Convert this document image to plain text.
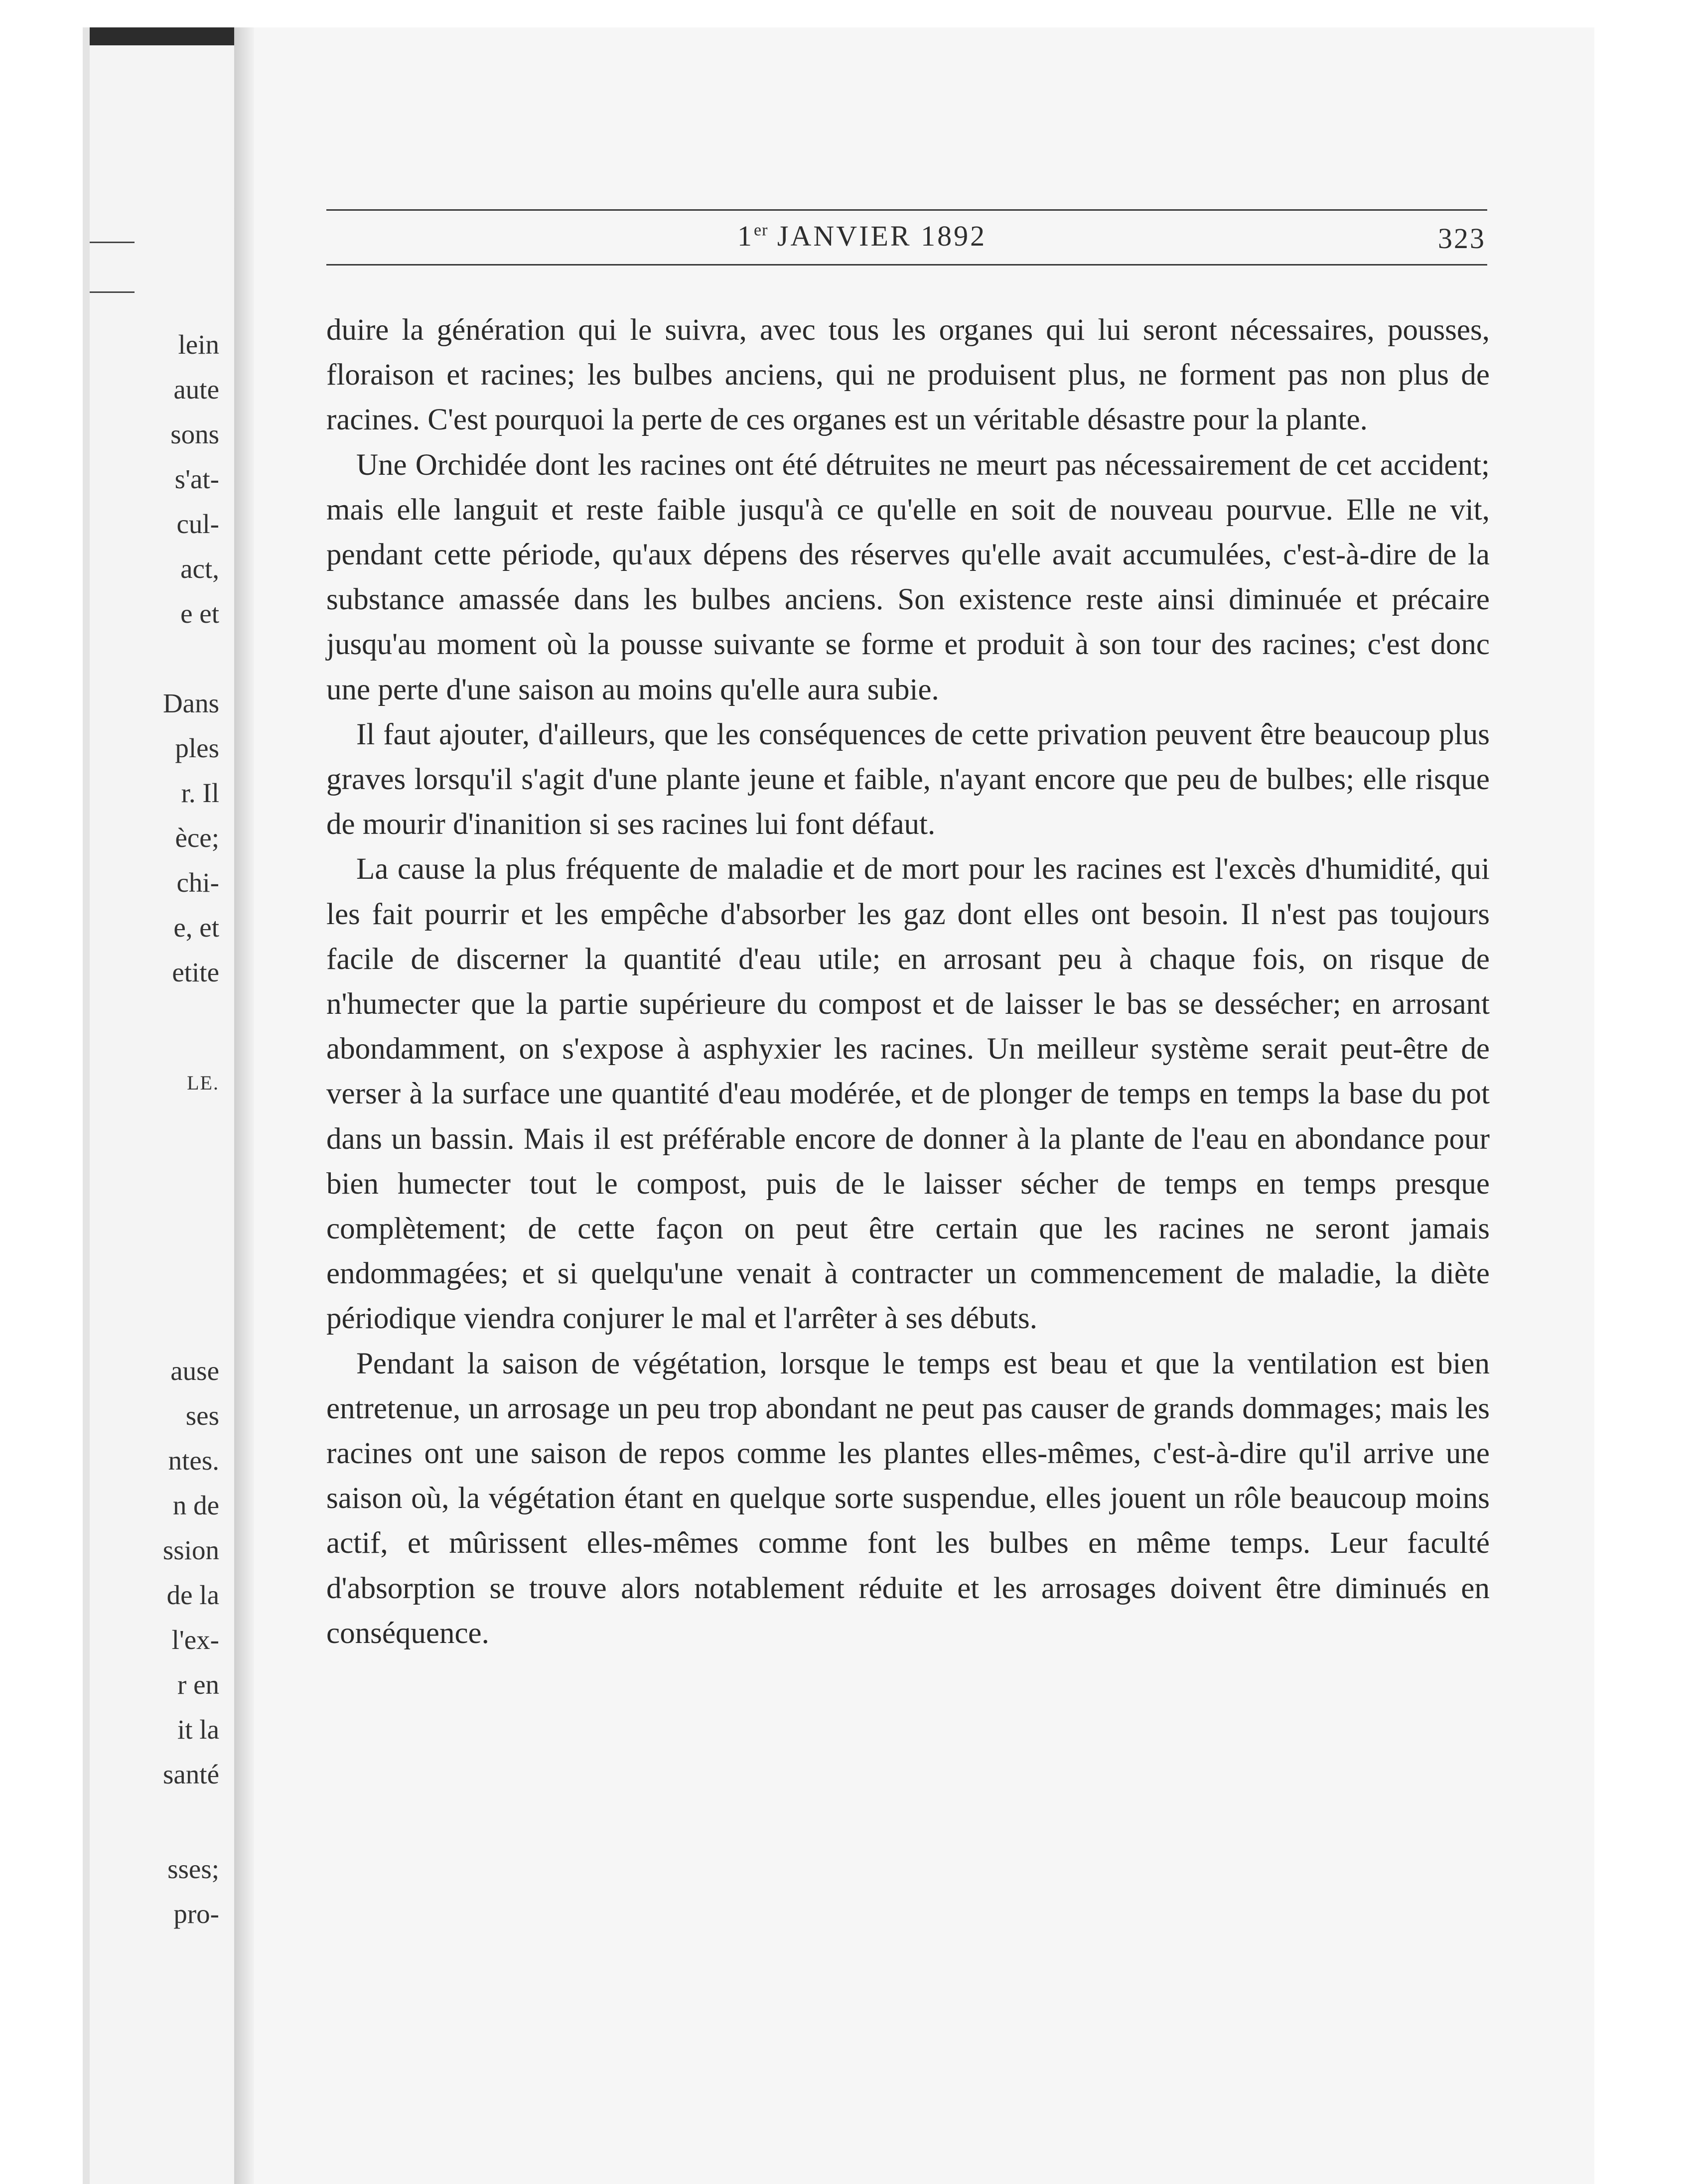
lein
aute
sons
s'at-
cul-
act,
e et
Dans
ples
r. Il
èce;
chi-
e, et
etite
LE.
ause
ses
ntes.
n de
ssion
de la
l'ex-
r en
it la
santé
sses;
pro-
1er JANVIER 1892	323

duire la génération qui le suivra, avec tous les organes qui lui seront nécessaires, pousses, floraison et racines; les bulbes anciens, qui ne produisent plus, ne forment pas non plus de racines. C'est pourquoi la perte de ces organes est un véritable désastre pour la plante.

Une Orchidée dont les racines ont été détruites ne meurt pas nécessairement de cet accident; mais elle languit et reste faible jusqu'à ce qu'elle en soit de nouveau pourvue. Elle ne vit, pendant cette période, qu'aux dépens des réserves qu'elle avait accumulées, c'est-à-dire de la substance amassée dans les bulbes anciens. Son existence reste ainsi diminuée et précaire jusqu'au moment où la pousse suivante se forme et produit à son tour des racines; c'est donc une perte d'une saison au moins qu'elle aura subie.

Il faut ajouter, d'ailleurs, que les conséquences de cette privation peuvent être beaucoup plus graves lorsqu'il s'agit d'une plante jeune et faible, n'ayant encore que peu de bulbes; elle risque de mourir d'inanition si ses racines lui font défaut.

La cause la plus fréquente de maladie et de mort pour les racines est l'excès d'humidité, qui les fait pourrir et les empêche d'absorber les gaz dont elles ont besoin. Il n'est pas toujours facile de discerner la quantité d'eau utile; en arrosant peu à chaque fois, on risque de n'humecter que la partie supérieure du compost et de laisser le bas se dessécher; en arrosant abondamment, on s'expose à asphyxier les racines. Un meilleur système serait peut-être de verser à la surface une quantité d'eau modérée, et de plonger de temps en temps la base du pot dans un bassin. Mais il est préférable encore de donner à la plante de l'eau en abondance pour bien humecter tout le compost, puis de le laisser sécher de temps en temps presque complètement; de cette façon on peut être certain que les racines ne seront jamais endommagées; et si quelqu'une venait à contracter un commencement de maladie, la diète périodique viendra conjurer le mal et l'arrêter à ses débuts.

Pendant la saison de végétation, lorsque le temps est beau et que la ventilation est bien entretenue, un arrosage un peu trop abondant ne peut pas causer de grands dommages; mais les racines ont une saison de repos comme les plantes elles-mêmes, c'est-à-dire qu'il arrive une saison où, la végétation étant en quelque sorte suspendue, elles jouent un rôle beaucoup moins actif, et mûrissent elles-mêmes comme font les bulbes en même temps. Leur faculté d'absorption se trouve alors notablement réduite et les arrosages doivent être diminués en conséquence.
